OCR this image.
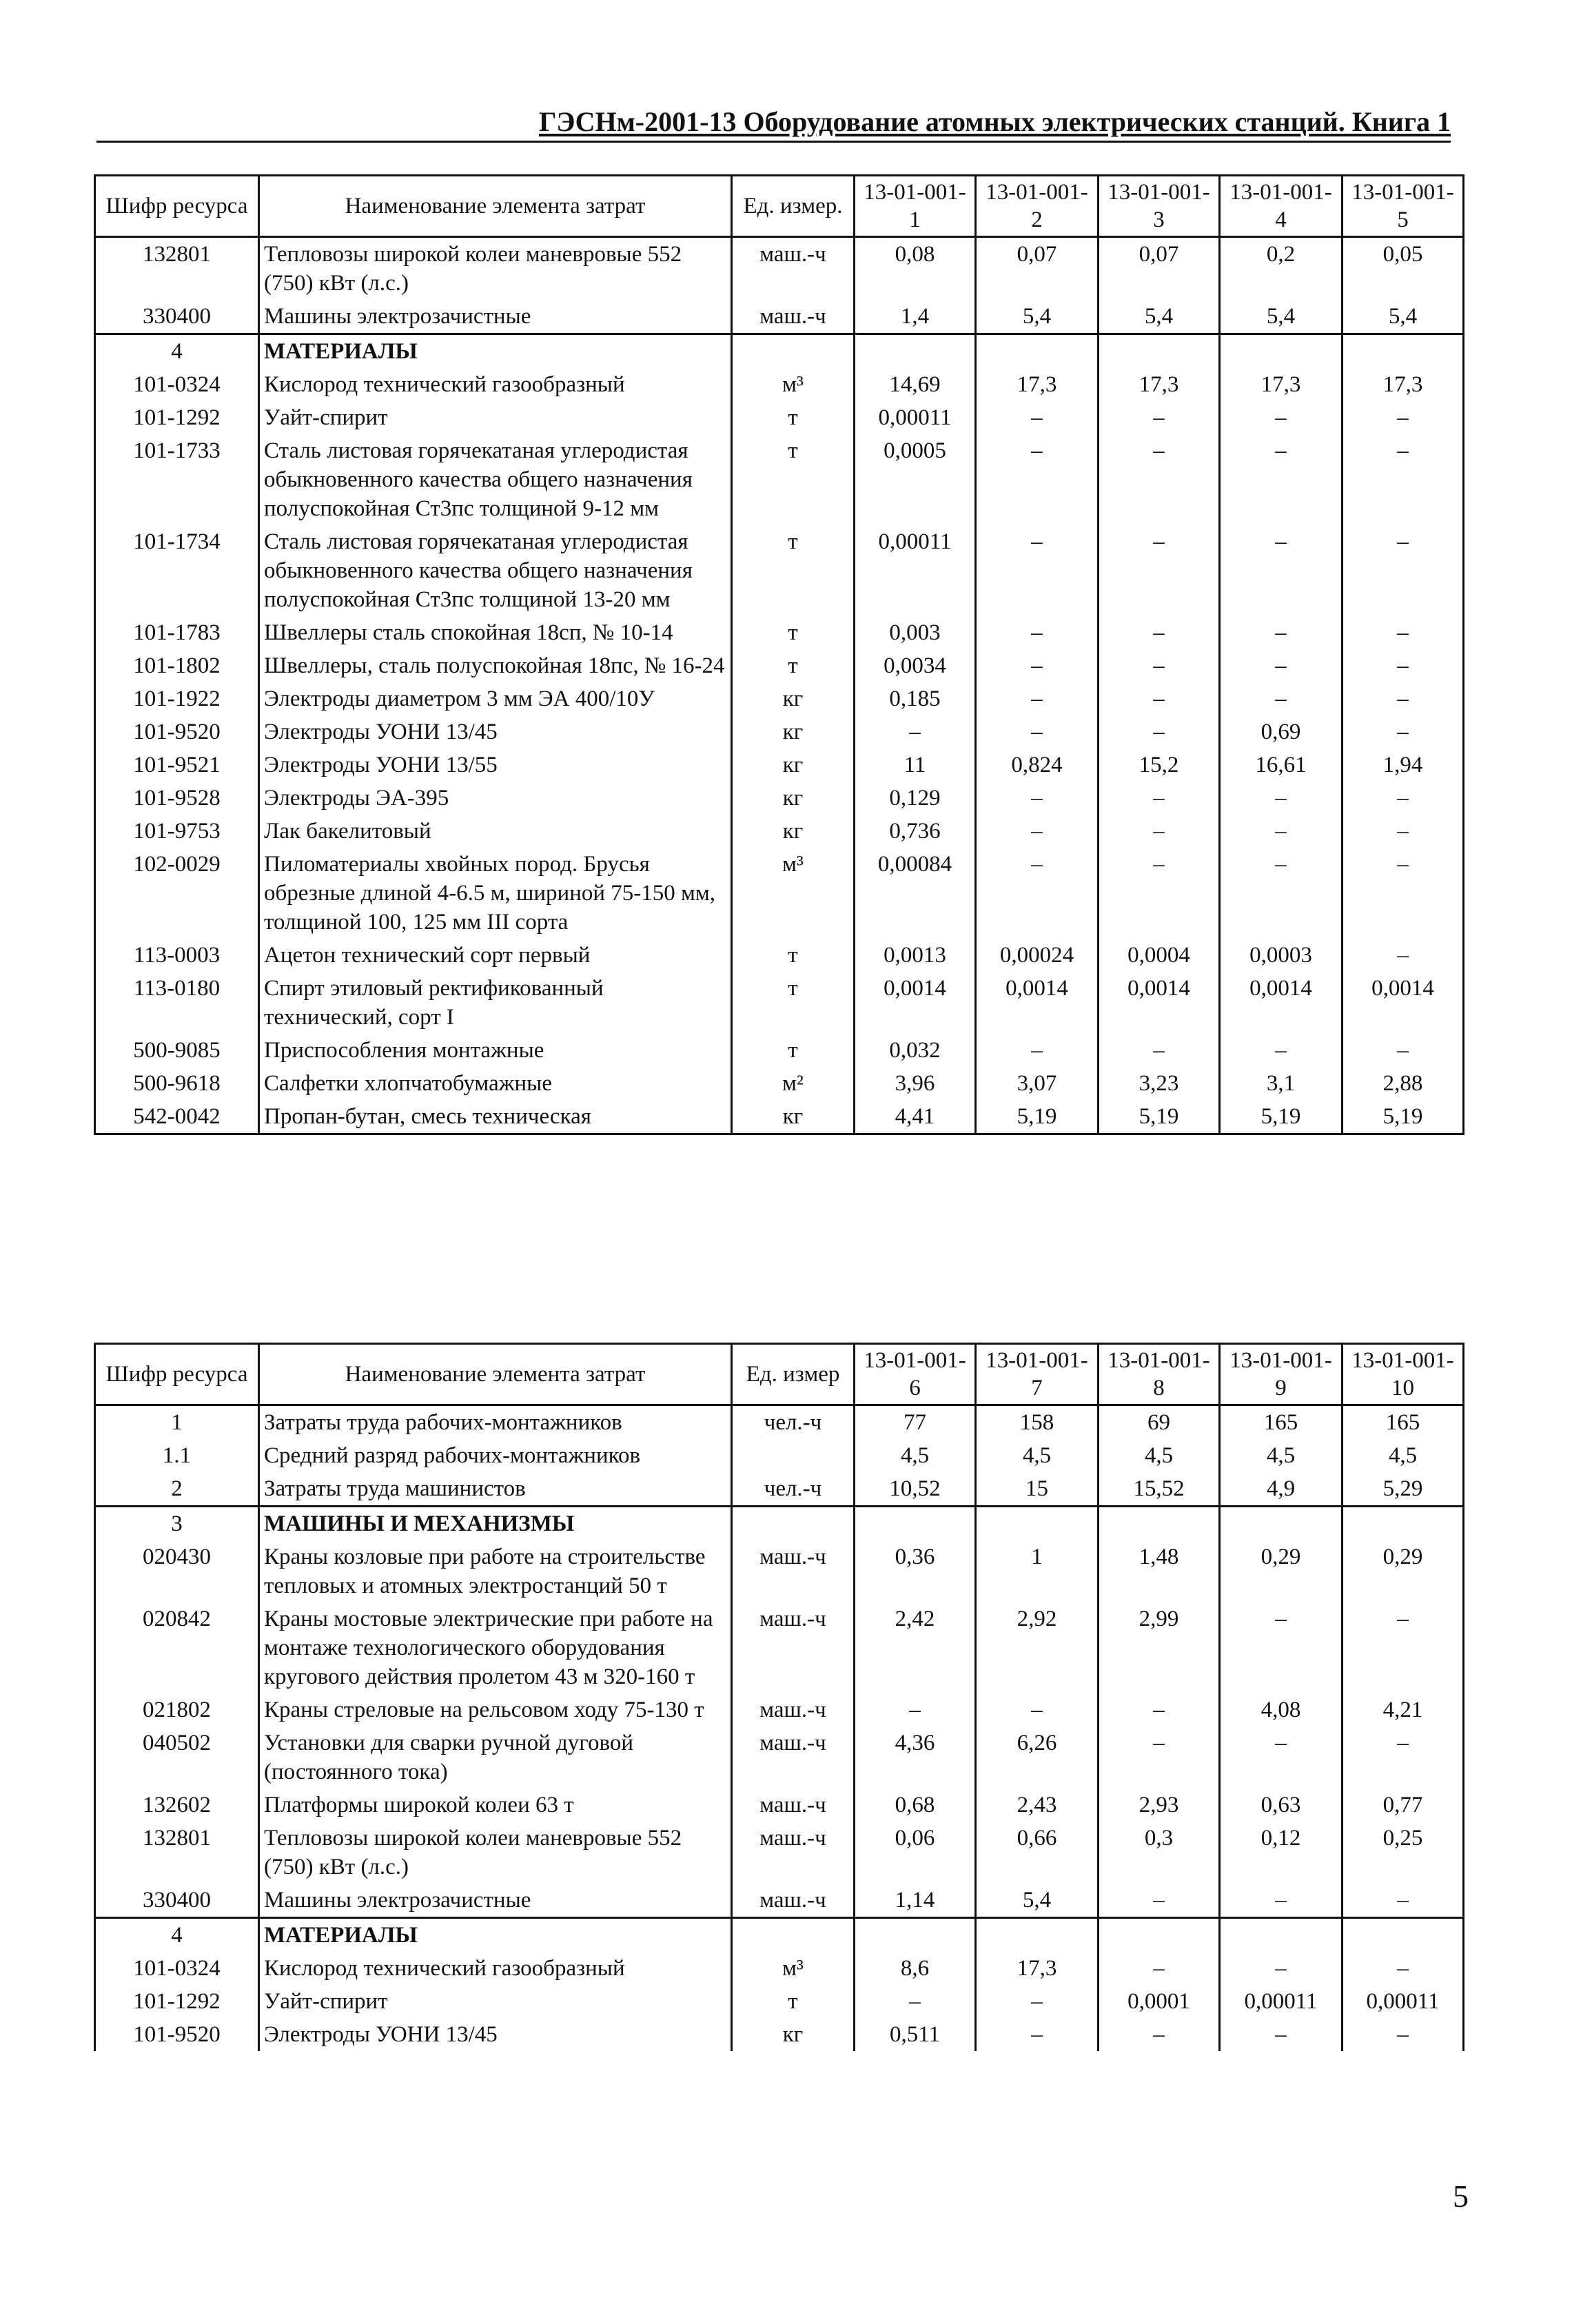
ГЭСНм-2001-13 Оборудование атомных электрических станций. Книга 1
Шифр ресурса	Наименование элемента затрат	Ед. измер.	13-01-001-1	13-01-001-2	13-01-001-3	13-01-001-4	13-01-001-5
132801	Тепловозы широкой колеи маневровые 552 (750) кВт (л.с.)	маш.-ч	0,08	0,07	0,07	0,2	0,05
330400	Машины электрозачистные	маш.-ч	1,4	5,4	5,4	5,4	5,4
4	МАТЕРИАЛЫ						
101-0324	Кислород технический газообразный	м³	14,69	17,3	17,3	17,3	17,3
101-1292	Уайт-спирит	т	0,00011	–	–	–	–
101-1733	Сталь листовая горячекатаная углеродистая обыкновенного качества общего назначения полуспокойная Ст3пс толщиной 9-12 мм	т	0,0005	–	–	–	–
101-1734	Сталь листовая горячекатаная углеродистая обыкновенного качества общего назначения полуспокойная Ст3пс толщиной 13-20 мм	т	0,00011	–	–	–	–
101-1783	Швеллеры сталь спокойная 18сп, № 10-14	т	0,003	–	–	–	–
101-1802	Швеллеры, сталь полуспокойная 18пс, № 16-24	т	0,0034	–	–	–	–
101-1922	Электроды диаметром 3 мм ЭА 400/10У	кг	0,185	–	–	–	–
101-9520	Электроды УОНИ 13/45	кг	–	–	–	0,69	–
101-9521	Электроды УОНИ 13/55	кг	11	0,824	15,2	16,61	1,94
101-9528	Электроды ЭА-395	кг	0,129	–	–	–	–
101-9753	Лак бакелитовый	кг	0,736	–	–	–	–
102-0029	Пиломатериалы хвойных пород. Брусья обрезные длиной 4-6.5 м, шириной 75-150 мм, толщиной 100, 125 мм III сорта	м³	0,00084	–	–	–	–
113-0003	Ацетон технический сорт первый	т	0,0013	0,00024	0,0004	0,0003	–
113-0180	Спирт этиловый ректификованный технический, сорт I	т	0,0014	0,0014	0,0014	0,0014	0,0014
500-9085	Приспособления монтажные	т	0,032	–	–	–	–
500-9618	Салфетки хлопчатобумажные	м²	3,96	3,07	3,23	3,1	2,88
542-0042	Пропан-бутан, смесь техническая	кг	4,41	5,19	5,19	5,19	5,19
Шифр ресурса	Наименование элемента затрат	Ед. измер	13-01-001-6	13-01-001-7	13-01-001-8	13-01-001-9	13-01-001-10
1	Затраты труда рабочих-монтажников	чел.-ч	77	158	69	165	165
1.1	Средний разряд рабочих-монтажников		4,5	4,5	4,5	4,5	4,5
2	Затраты труда машинистов	чел.-ч	10,52	15	15,52	4,9	5,29
3	МАШИНЫ И МЕХАНИЗМЫ						
020430	Краны козловые при работе на строительстве тепловых и атомных электростанций 50 т	маш.-ч	0,36	1	1,48	0,29	0,29
020842	Краны мостовые электрические при работе на монтаже технологического оборудования кругового действия пролетом 43 м 320-160 т	маш.-ч	2,42	2,92	2,99	–	–
021802	Краны стреловые на рельсовом ходу 75-130 т	маш.-ч	–	–	–	4,08	4,21
040502	Установки для сварки ручной дуговой (постоянного тока)	маш.-ч	4,36	6,26	–	–	–
132602	Платформы широкой колеи 63 т	маш.-ч	0,68	2,43	2,93	0,63	0,77
132801	Тепловозы широкой колеи маневровые 552 (750) кВт (л.с.)	маш.-ч	0,06	0,66	0,3	0,12	0,25
330400	Машины электрозачистные	маш.-ч	1,14	5,4	–	–	–
4	МАТЕРИАЛЫ						
101-0324	Кислород технический газообразный	м³	8,6	17,3	–	–	–
101-1292	Уайт-спирит	т	–	–	0,0001	0,00011	0,00011
101-9520	Электроды УОНИ 13/45	кг	0,511	–	–	–	–
5
